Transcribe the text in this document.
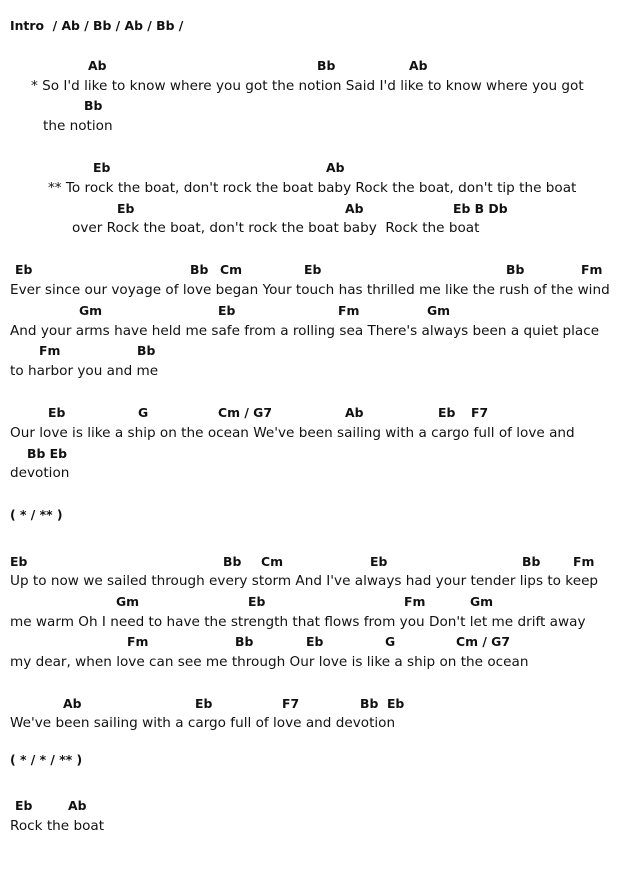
Intro  / Ab / Bb / Ab / Bb /
Ab	Bb	Ab
* So I'd like to know where you got the notion Said I'd like to know where you got
Bb
the notion
Eb	Ab
** To rock the boat, don't rock the boat baby Rock the boat, don't tip the boat
Eb	Ab	Eb B Db
over Rock the boat, don't rock the boat baby  Rock the boat
Eb	Bb Cm	Eb	Bb	Fm
Ever since our voyage of love began Your touch has thrilled me like the rush of the wind
Gm	Eb	Fm	Gm
And your arms have held me safe from a rolling sea There's always been a quiet place
Fm	Bb
to harbor you and me
Eb	G	Cm / G7	Ab	Eb F7
Our love is like a ship on the ocean We've been sailing with a cargo full of love and
Bb Eb
devotion
( * / ** )
Eb	Bb Cm	Eb	Bb	Fm
Up to now we sailed through every storm And I've always had your tender lips to keep
Gm	Eb	Fm	Gm
me warm Oh I need to have the strength that flows from you Don't let me drift away
Fm	Bb	Eb	G	Cm / G7
my dear, when love can see me through Our love is like a ship on the ocean
Ab	Eb	F7	Bb  Eb
We've been sailing with a cargo full of love and devotion
( * / * / ** )
Eb	Ab
Rock the boat
